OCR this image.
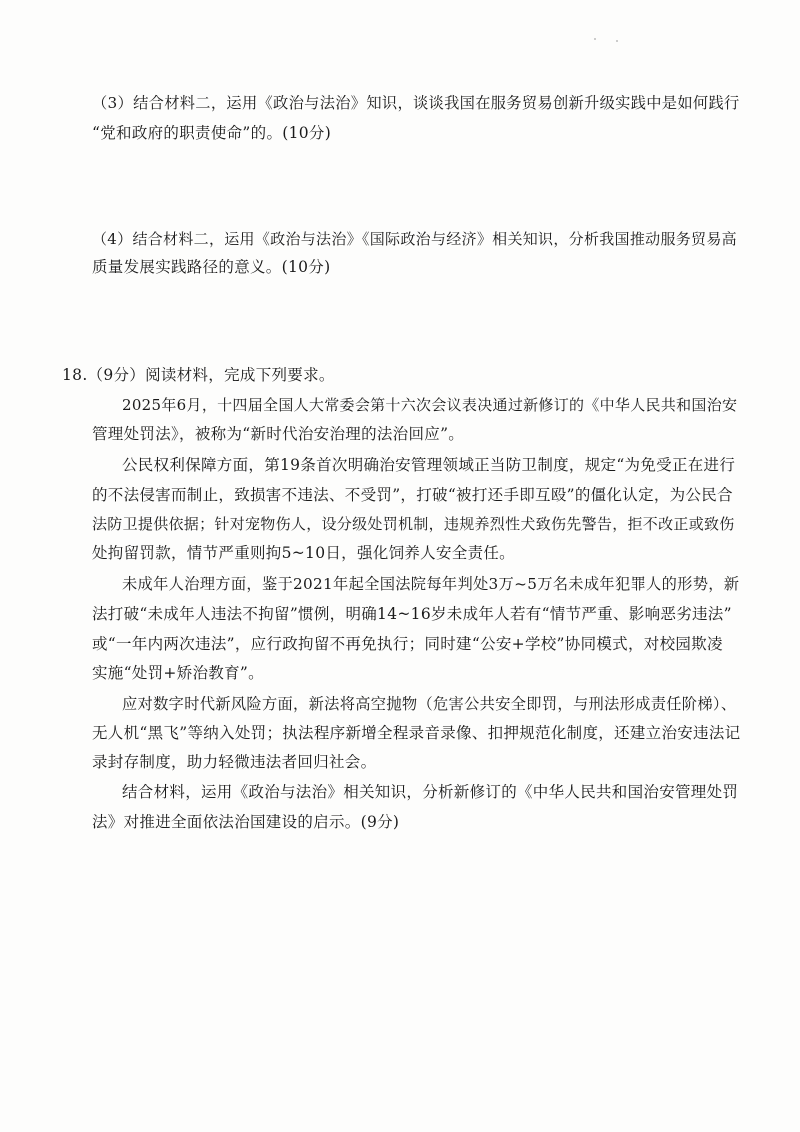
（3）结合材料二，运用《政治与法治》知识，谈谈我国在服务贸易创新升级实践中是如何践行
“党和政府的职责使命”的。(10分)
（4）结合材料二，运用《政治与法治》《国际政治与经济》相关知识，分析我国推动服务贸易高
质量发展实践路径的意义。(10分)
18.（9分）阅读材料，完成下列要求。
2025年6月，十四届全国人大常委会第十六次会议表决通过新修订的《中华人民共和国治安
管理处罚法》，被称为“新时代治安治理的法治回应”。
公民权利保障方面，第19条首次明确治安管理领域正当防卫制度，规定“为免受正在进行
的不法侵害而制止，致损害不违法、不受罚”，打破“被打还手即互殴”的僵化认定，为公民合
法防卫提供依据；针对宠物伤人，设分级处罚机制，违规养烈性犬致伤先警告，拒不改正或致伤
处拘留罚款，情节严重则拘5~10日，强化饲养人安全责任。
未成年人治理方面，鉴于2021年起全国法院每年判处3万~5万名未成年犯罪人的形势，新
法打破“未成年人违法不拘留”惯例，明确14~16岁未成年人若有“情节严重、影响恶劣违法”
或“一年内两次违法”，应行政拘留不再免执行；同时建“公安+学校”协同模式，对校园欺凌
实施“处罚+矫治教育”。
应对数字时代新风险方面，新法将高空抛物（危害公共安全即罚，与刑法形成责任阶梯）、
无人机“黑飞”等纳入处罚；执法程序新增全程录音录像、扣押规范化制度，还建立治安违法记
录封存制度，助力轻微违法者回归社会。
结合材料，运用《政治与法治》相关知识，分析新修订的《中华人民共和国治安管理处罚
法》对推进全面依法治国建设的启示。(9分)
